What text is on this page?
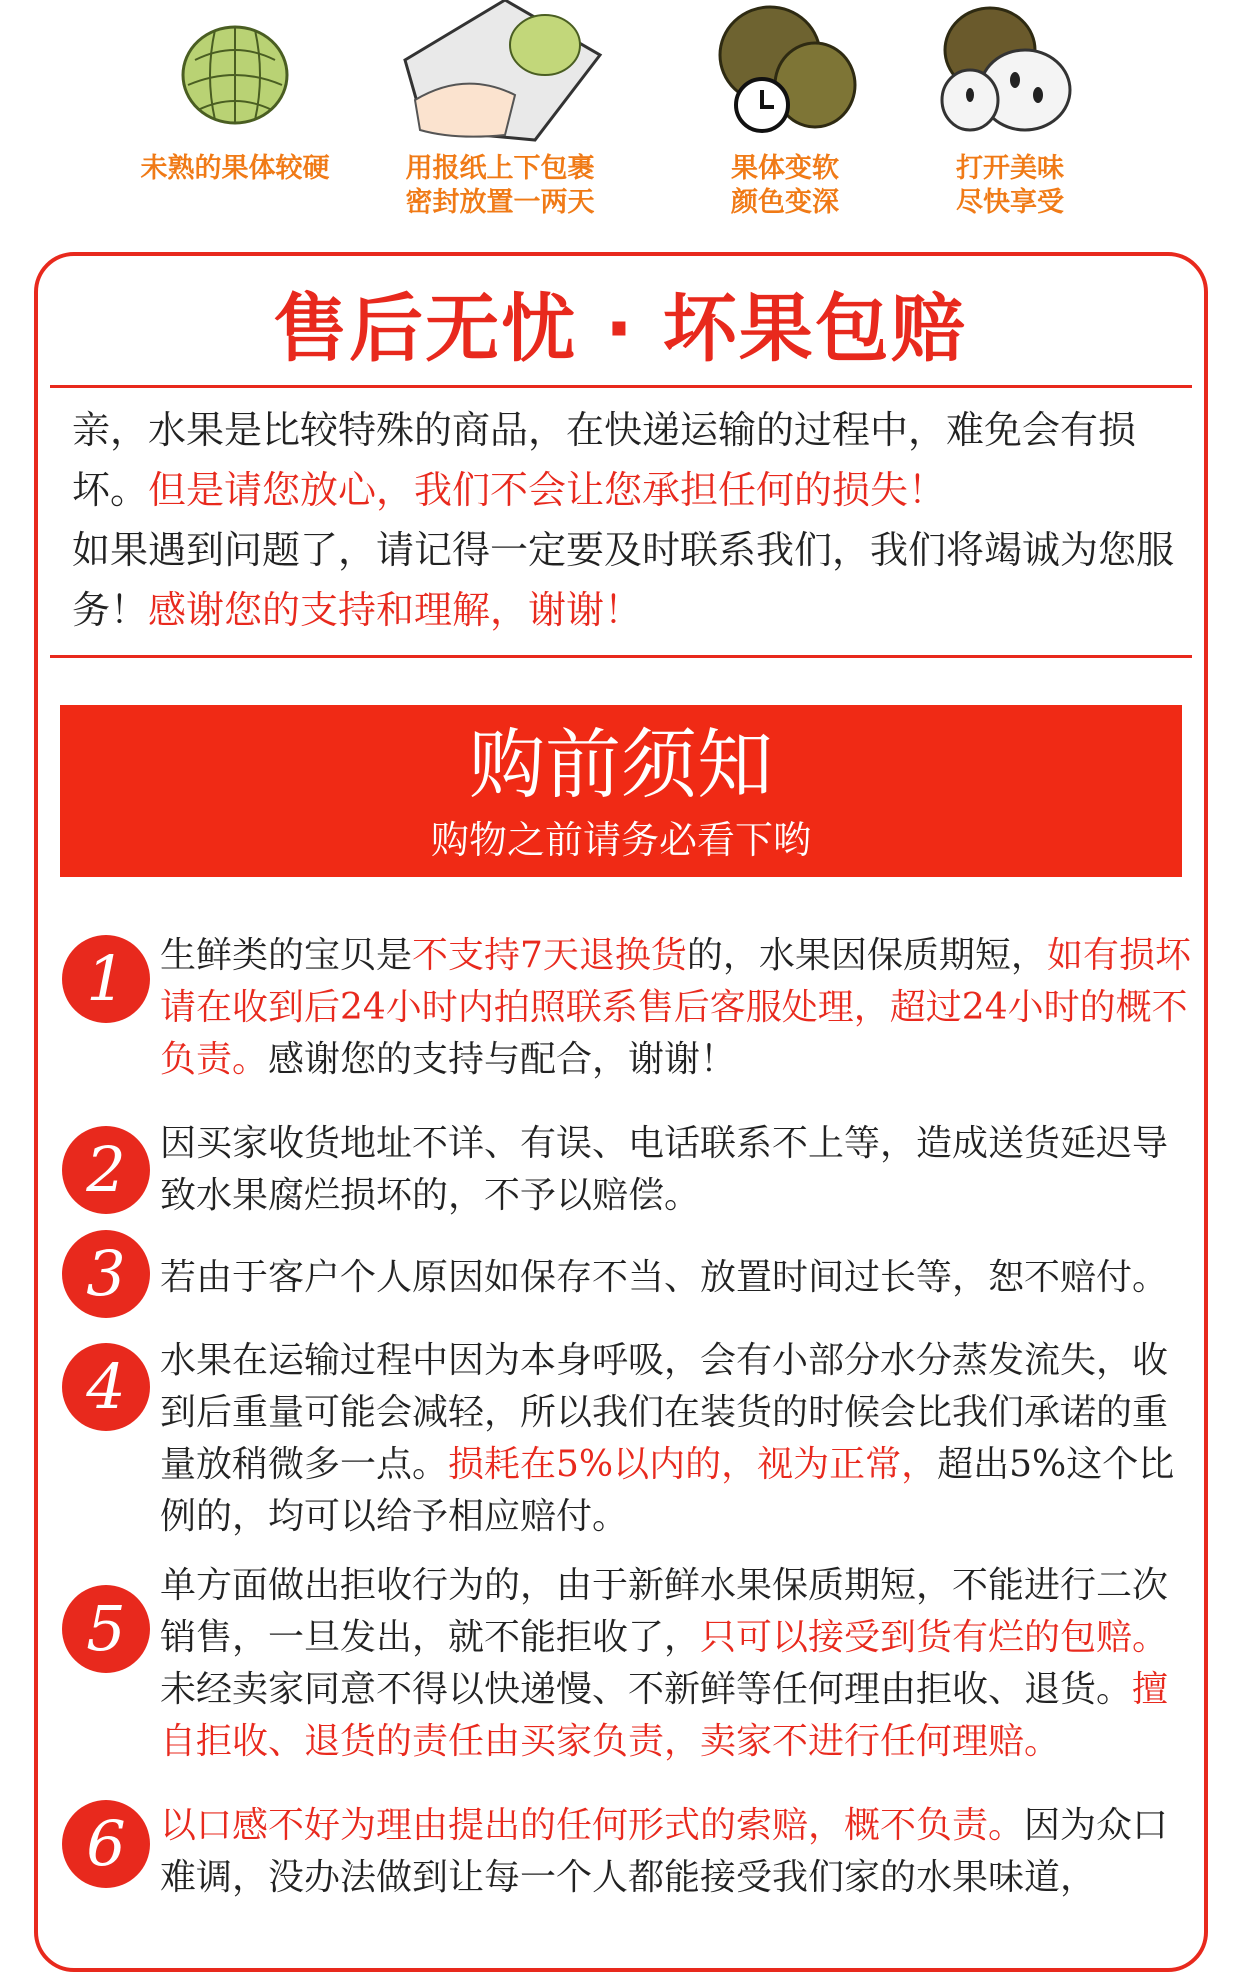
未熟的果体较硬	用报纸上下包裹
密封放置一两天
果体变软
颜色变深
打开美味
尽快享受
售后无忧 · 坏果包赔
亲，水果是比较特殊的商品，在快递运输的过程中，难免会有损坏。但是请您放心，我们不会让您承担任何的损失！
如果遇到问题了，请记得一定要及时联系我们，我们将竭诚为您服务！感谢您的支持和理解，谢谢！
购前须知
购物之前请务必看下哟
1 生鲜类的宝贝是不支持7天退换货的，水果因保质期短，如有损坏请在收到后24小时内拍照联系售后客服处理，超过24小时的概不负责。感谢您的支持与配合，谢谢！
2 因买家收货地址不详、有误、电话联系不上等，造成送货延迟导致水果腐烂损坏的，不予以赔偿。
3 若由于客户个人原因如保存不当、放置时间过长等，恕不赔付。
4 水果在运输过程中因为本身呼吸，会有小部分水分蒸发流失，收到后重量可能会减轻，所以我们在装货的时候会比我们承诺的重量放稍微多一点。损耗在5%以内的，视为正常，超出5%这个比例的，均可以给予相应赔付。
5
单方面做出拒收行为的，由于新鲜水果保质期短，不能进行二次销售，一旦发出，就不能拒收了，只可以接受到货有烂的包赔。未经卖家同意不得以快递慢、不新鲜等任何理由拒收、退货。擅自拒收、退货的责任由买家负责，卖家不进行任何理赔。
6 以口感不好为理由提出的任何形式的索赔，概不负责。因为众口难调，没办法做到让每一个人都能接受我们家的水果味道，
